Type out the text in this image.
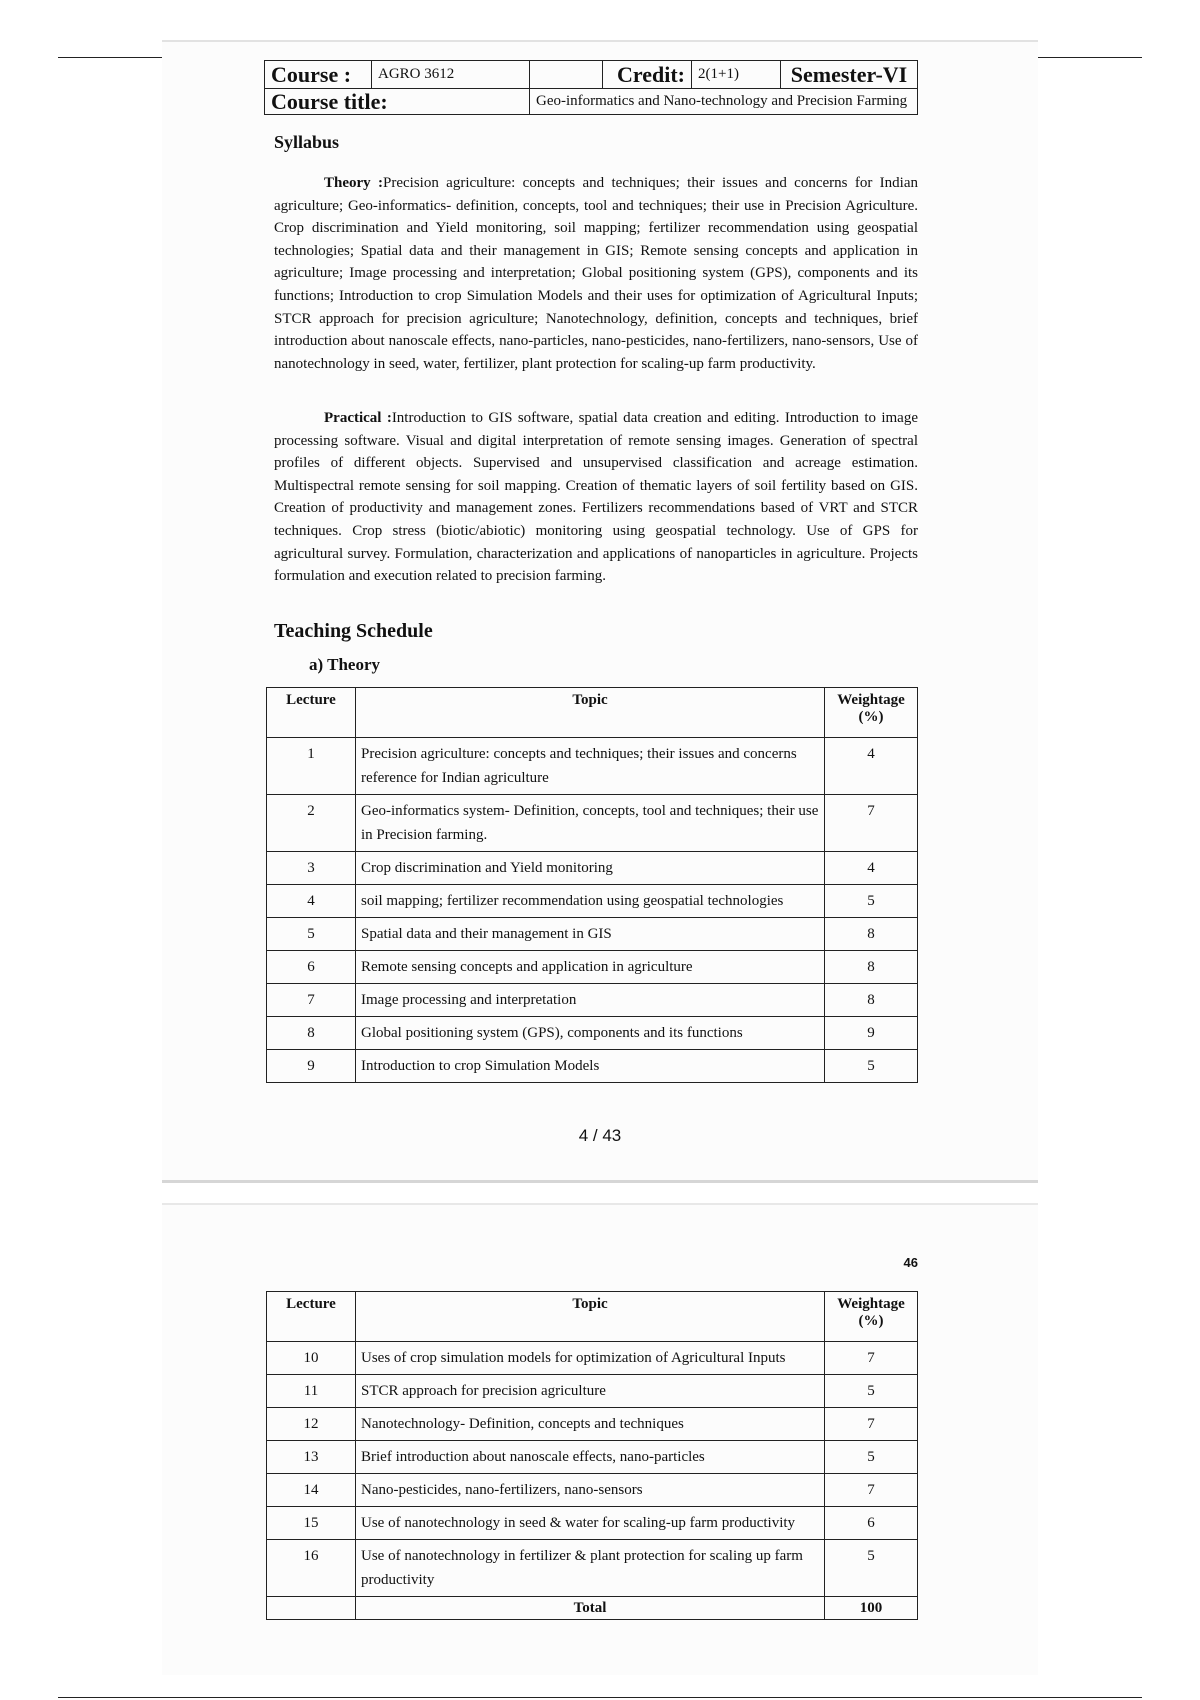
Course :	AGRO 3612		Credit:	2(1+1)	Semester-VI
Course title:		Geo-informatics and Nano-technology and Precision Farming			
Syllabus

Theory :Precision agriculture: concepts and techniques; their issues and concerns for Indian agriculture; Geo-informatics- definition, concepts, tool and techniques; their use in Precision Agriculture. Crop discrimination and Yield monitoring, soil mapping; fertilizer recommendation using geospatial technologies; Spatial data and their management in GIS; Remote sensing concepts and application in agriculture; Image processing and interpretation; Global positioning system (GPS), components and its functions; Introduction to crop Simulation Models and their uses for optimization of Agricultural Inputs; STCR approach for precision agriculture; Nanotechnology, definition, concepts and techniques, brief introduction about nanoscale effects, nano-particles, nano-pesticides, nano-fertilizers, nano-sensors, Use of nanotechnology in seed, water, fertilizer, plant protection for scaling-up farm productivity.

Practical :Introduction to GIS software, spatial data creation and editing. Introduction to image processing software. Visual and digital interpretation of remote sensing images. Generation of spectral profiles of different objects. Supervised and unsupervised classification and acreage estimation. Multispectral remote sensing for soil mapping. Creation of thematic layers of soil fertility based on GIS. Creation of productivity and management zones. Fertilizers recommendations based of VRT and STCR techniques. Crop stress (biotic/abiotic) monitoring using geospatial technology. Use of GPS for agricultural survey. Formulation, characterization and applications of nanoparticles in agriculture. Projects formulation and execution related to precision farming.

Teaching Schedule
a) Theory
Lecture	Topic	Weightage (%)
1	Precision agriculture: concepts and techniques; their issues and concerns reference for Indian agriculture	4
2	Geo-informatics system- Definition, concepts, tool and techniques; their use in Precision farming.	7
3	Crop discrimination and Yield monitoring	4
4	soil mapping; fertilizer recommendation using geospatial technologies	5
5	Spatial data and their management in GIS	8
6	Remote sensing concepts and application in agriculture	8
7	Image processing and interpretation	8
8	Global positioning system (GPS), components and its functions	9
9	Introduction to crop Simulation Models	5
4 / 43
46
Lecture	Topic	Weightage (%)
10	Uses of crop simulation models for optimization of Agricultural Inputs	7
11	STCR approach for precision agriculture	5
12	Nanotechnology- Definition, concepts and techniques	7
13	Brief introduction about nanoscale effects, nano-particles	5
14	Nano-pesticides, nano-fertilizers, nano-sensors	7
15	Use of nanotechnology in seed & water for scaling-up farm productivity	6
16	Use of nanotechnology in fertilizer & plant protection for scaling up farm productivity	5
	Total	100
